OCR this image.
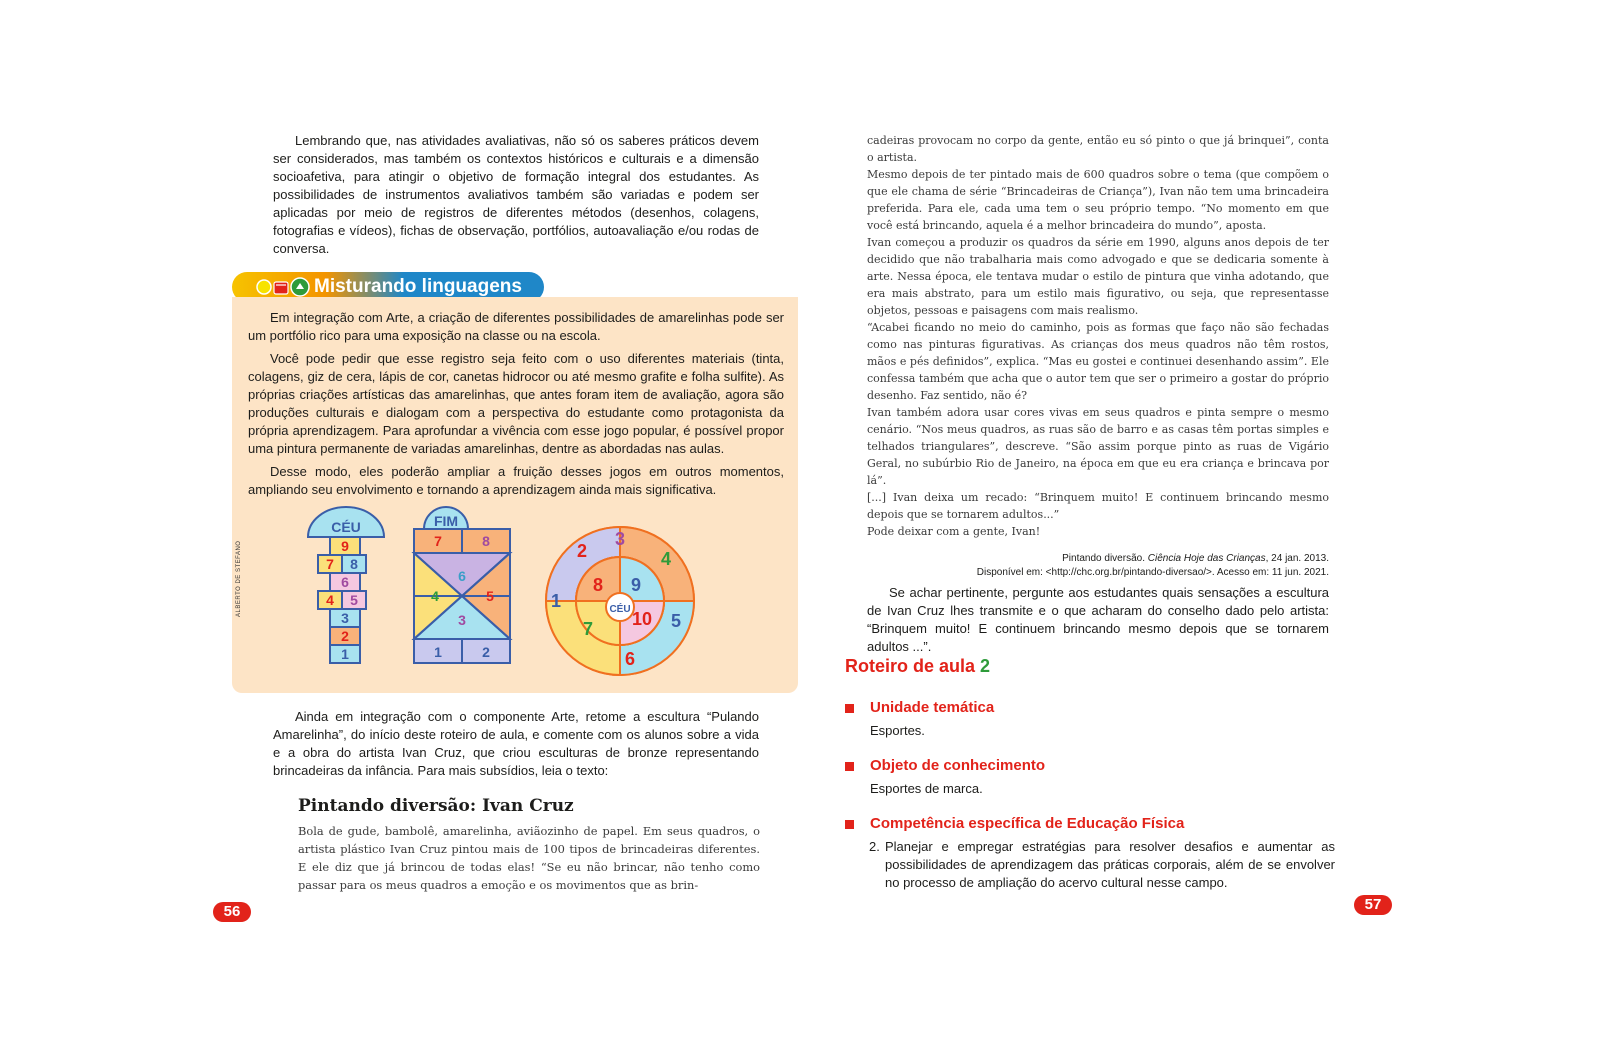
Lembrando que, nas atividades avaliativas, não só os saberes práticos devem ser considerados, mas também os contextos históricos e culturais e a dimensão socioafetiva, para atingir o objetivo de formação integral dos estudantes. As possibilidades de instrumentos avaliativos também são variadas e podem ser aplicadas por meio de registros de diferentes métodos (desenhos, colagens, fotografias e vídeos), fichas de observação, portfólios, autoavaliação e/ou rodas de conversa.

Misturando linguagens

Em integração com Arte, a criação de diferentes possibilidades de amarelinhas pode ser um portfólio rico para uma exposição na classe ou na escola.

Você pode pedir que esse registro seja feito com o uso diferentes materiais (tinta, colagens, giz de cera, lápis de cor, canetas hidrocor ou até mesmo grafite e folha sulfite). As próprias criações artísticas das amarelinhas, que antes foram item de avaliação, agora são produções culturais e dialogam com a perspectiva do estudante como protagonista da própria aprendizagem. Para aprofundar a vivência com esse jogo popular, é possível propor uma pintura permanente de variadas amarelinhas, dentre as abordadas nas aulas.

Desse modo, eles poderão ampliar a fruição desses jogos em outros momentos, ampliando seu envolvimento e tornando a aprendizagem ainda mais significativa.

ALBERTO DE STEFANO
CÉU
9
7 8
6
4 5
3
2
1
FIM
7	8
6
4	5
3
1	2
2
3
4
1
8 9
7 10 5
6
CÉU

Ainda em integração com o componente Arte, retome a escultura “Pulando Amarelinha”, do início deste roteiro de aula, e comente com os alunos sobre a vida e a obra do artista Ivan Cruz, que criou esculturas de bronze representando brincadeiras da infância. Para mais subsídios, leia o texto:

Pintando diversão: Ivan Cruz

Bola de gude, bambolê, amarelinha, aviãozinho de papel. Em seus quadros, o artista plástico Ivan Cruz pintou mais de 100 tipos de brincadeiras diferentes. E ele diz que já brincou de todas elas! “Se eu não brincar, não tenho como passar para os meus quadros a emoção e os movimentos que as brin-

56

cadeiras provocam no corpo da gente, então eu só pinto o que já brinquei”, conta o artista.

Mesmo depois de ter pintado mais de 600 quadros sobre o tema (que compõem o que ele chama de série “Brincadeiras de Criança”), Ivan não tem uma brincadeira preferida. Para ele, cada uma tem o seu próprio tempo. “No momento em que você está brincando, aquela é a melhor brincadeira do mundo”, aposta.

Ivan começou a produzir os quadros da série em 1990, alguns anos depois de ter decidido que não trabalharia mais como advogado e que se dedicaria somente à arte. Nessa época, ele tentava mudar o estilo de pintura que vinha adotando, que era mais abstrato, para um estilo mais figurativo, ou seja, que representasse objetos, pessoas e paisagens com mais realismo.

“Acabei ficando no meio do caminho, pois as formas que faço não são fechadas como nas pinturas figurativas. As crianças dos meus quadros não têm rostos, mãos e pés definidos”, explica. “Mas eu gostei e continuei desenhando assim”. Ele confessa também que acha que o autor tem que ser o primeiro a gostar do próprio desenho. Faz sentido, não é?

Ivan também adora usar cores vivas em seus quadros e pinta sempre o mesmo cenário. “Nos meus quadros, as ruas são de barro e as casas têm portas simples e telhados triangulares”, descreve. “São assim porque pinto as ruas de Vigário Geral, no subúrbio Rio de Janeiro, na época em que eu era criança e brincava por lá”.

[...] Ivan deixa um recado: “Brinquem muito! E continuem brincando mesmo depois que se tornarem adultos...”

Pode deixar com a gente, Ivan!

Pintando diversão. Ciência Hoje das Crianças, 24 jan. 2013.
Disponível em: <http://chc.org.br/pintando-diversao/>. Acesso em: 11 jun. 2021.

Se achar pertinente, pergunte aos estudantes quais sensações a escultura de Ivan Cruz lhes transmite e o que acharam do conselho dado pelo artista: “Brinquem muito! E continuem brincando mesmo depois que se tornarem adultos ...”.

Roteiro de aula 2
Unidade temática
Esportes.
Objeto de conhecimento
Esportes de marca.
Competência específica de Educação Física
2. Planejar e empregar estratégias para resolver desafios e aumentar as possibilidades de aprendizagem das práticas corporais, além de se envolver no processo de ampliação do acervo cultural nesse campo.
57
